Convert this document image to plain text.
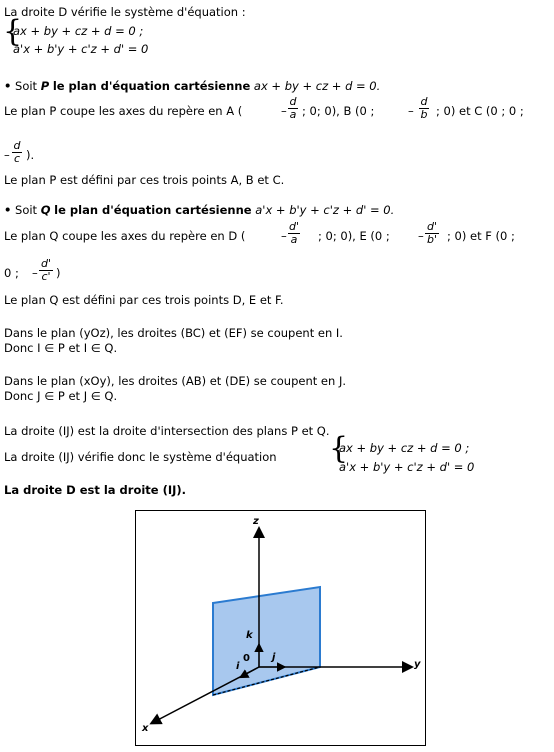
La droite D vérifie le système d'équation :
{
ax + by + cz + d = 0 ;
a'x + b'y + c'z + d' = 0
• Soit P le plan d'équation cartésienne ax + by + cz + d = 0.
Le plan P coupe les axes du repère en A (	– $\frac{d}{a}$ ; 0; 0), B (0 ;	– $\frac{d}{b}$ ; 0) et C (0 ; 0 ;
– $\frac{d}{c}$ ).
Le plan P est défini par ces trois points A, B et C.
• Soit Q le plan d'équation cartésienne a'x + b'y + c'z + d' = 0.
Le plan Q coupe les axes du repère en D (	– $\frac{d'}{a}$ ; 0; 0), E (0 ; – $\frac{d'}{b'}$ ; 0) et F (0 ;
0 ; – $\frac{d'}{c'}$ )
Le plan Q est défini par ces trois points D, E et F.
Dans le plan (yOz), les droites (BC) et (EF) se coupent en I.
Donc I ∈ P et I ∈ Q.
Dans le plan (xOy), les droites (AB) et (DE) se coupent en J.
Donc J ∈ P et J ∈ Q.
La droite (IJ) est la droite d'intersection des plans P et Q.
La droite (IJ) vérifie donc le système d'équation {
ax + by + cz + d = 0 ;
a'x + b'y + c'z + d' = 0
La droite D est la droite (IJ).
z
y
x
0
i
j
k
